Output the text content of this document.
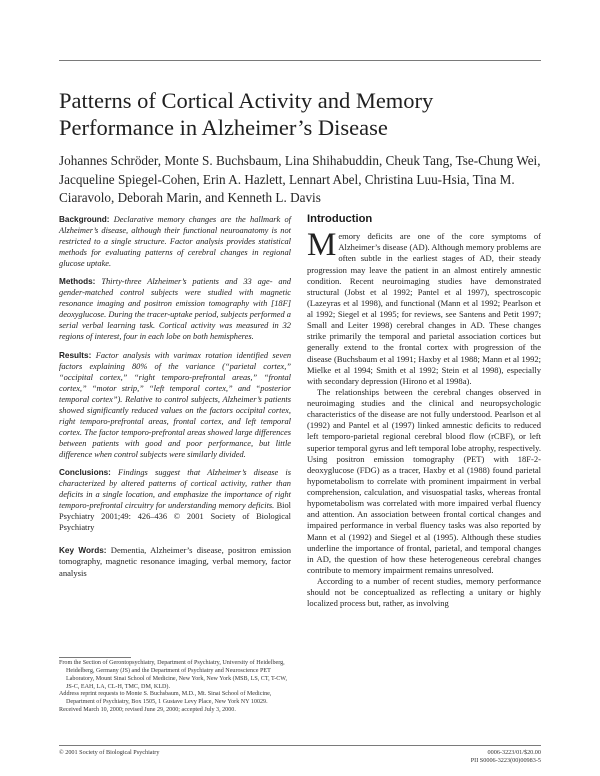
Patterns of Cortical Activity and Memory Performance in Alzheimer’s Disease
Johannes Schröder, Monte S. Buchsbaum, Lina Shihabuddin, Cheuk Tang, Tse-Chung Wei, Jacqueline Spiegel-Cohen, Erin A. Hazlett, Lennart Abel, Christina Luu-Hsia, Tina M. Ciaravolo, Deborah Marin, and Kenneth L. Davis

Background: Declarative memory changes are the hallmark of Alzheimer’s disease, although their functional neuroanatomy is not restricted to a single structure. Factor analysis provides statistical methods for evaluating patterns of cerebral changes in regional glucose uptake.

Methods: Thirty-three Alzheimer’s patients and 33 age- and gender-matched control subjects were studied with magnetic resonance imaging and positron emission tomography with [18F] deoxyglucose. During the tracer-uptake period, subjects performed a serial verbal learning task. Cortical activity was measured in 32 regions of interest, four in each lobe on both hemispheres.

Results: Factor analysis with varimax rotation identified seven factors explaining 80% of the variance (“parietal cortex,” “occipital cortex,” “right temporo-prefrontal areas,” “frontal cortex,” “motor strip,” “left temporal cortex,” and “posterior temporal cortex”). Relative to control subjects, Alzheimer’s patients showed significantly reduced values on the factors occipital cortex, right temporo-prefrontal areas, frontal cortex, and left temporal cortex. The factor temporo-prefrontal areas showed large differences between patients with good and poor performance, but little difference when control subjects were similarly divided.

Conclusions: Findings suggest that Alzheimer’s disease is characterized by altered patterns of cortical activity, rather than deficits in a single location, and emphasize the importance of right temporo-prefrontal circuitry for understanding memory deficits. Biol Psychiatry 2001;49: 426–436 © 2001 Society of Biological Psychiatry

Key Words: Dementia, Alzheimer’s disease, positron emission tomography, magnetic resonance imaging, verbal memory, factor analysis

From the Section of Gerontopsychiatry, Department of Psychiatry, University of Heidelberg, Heidelberg, Germany (JS) and the Department of Psychiatry and Neuroscience PET Laboratory, Mount Sinai School of Medicine, New York, New York (MSB, LS, CT, T-CW, JS-C, EAH, LA, CL-H, TMC, DM, KLD).

Address reprint requests to Monte S. Buchsbaum, M.D., Mt. Sinai School of Medicine, Department of Psychiatry, Box 1505, 1 Gustave Levy Place, New York NY 10029.

Received March 10, 2000; revised June 29, 2000; accepted July 3, 2000.

Introduction

Memory deficits are one of the core symptoms of Alzheimer’s disease (AD). Although memory problems are often subtle in the earliest stages of AD, their steady progression may leave the patient in an almost entirely amnestic condition. Recent neuroimaging studies have demonstrated structural (Jobst et al 1992; Pantel et al 1997), spectroscopic (Lazeyras et al 1998), and functional (Mann et al 1992; Pearlson et al 1992; Siegel et al 1995; for reviews, see Santens and Petit 1997; Small and Leiter 1998) cerebral changes in AD. These changes strike primarily the temporal and parietal association cortices but generally extend to the frontal cortex with progression of the disease (Buchsbaum et al 1991; Haxby et al 1988; Mann et al 1992; Mielke et al 1994; Smith et al 1992; Stein et al 1998), especially with secondary depression (Hirono et al 1998a).

The relationships between the cerebral changes observed in neuroimaging studies and the clinical and neuropsychologic characteristics of the disease are not fully understood. Pearlson et al (1992) and Pantel et al (1997) linked amnestic deficits to reduced left temporo-parietal regional cerebral blood flow (rCBF), or left superior temporal gyrus and left temporal lobe atrophy, respectively. Using positron emission tomography (PET) with 18F-2-deoxyglucose (FDG) as a tracer, Haxby et al (1988) found parietal hypometabolism to correlate with prominent impairment in verbal comprehension, calculation, and visuospatial tasks, whereas frontal hypometabolism was correlated with more impaired verbal fluency and attention. An association between frontal cortical changes and impaired performance in verbal fluency tasks was also reported by Mann et al (1992) and Siegel et al (1995). Although these studies underline the importance of frontal, parietal, and temporal changes in AD, the question of how these heterogeneous cerebral changes contribute to memory impairment remains unresolved.

According to a number of recent studies, memory performance should not be conceptualized as reflecting a unitary or highly localized process but, rather, as involving

© 2001 Society of Biological Psychiatry	0006-3223/01/$20.00
PII S0006-3223(00)00983-5
